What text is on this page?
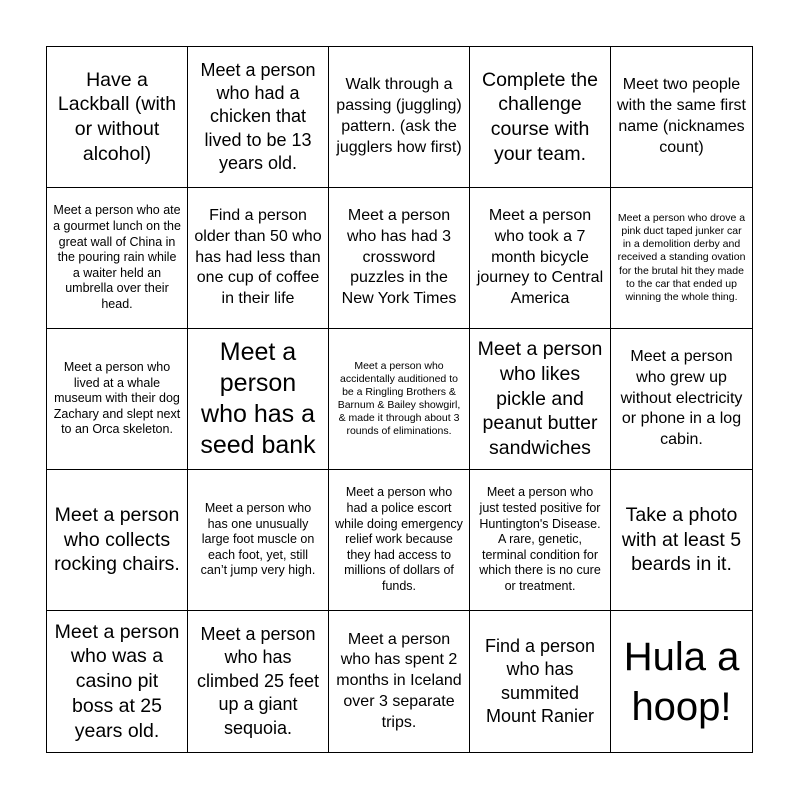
Have a Lackball (with or without alcohol)
Meet a person who had a chicken that lived to be 13 years old.
Walk through a passing (juggling) pattern. (ask the jugglers how first)
Complete the challenge course with your team.
Meet two people with the same first name (nicknames count)
Meet a person who ate a gourmet lunch on the great wall of China in the pouring rain while a waiter held an umbrella over their head.
Find a person older than 50 who has had less than one cup of coffee in their life
Meet a person who has had 3 crossword puzzles in the New York Times
Meet a person who took a 7 month bicycle journey to Central America
Meet a person who drove a pink duct taped junker car in a demolition derby and received a standing ovation for the brutal hit they made to the car that ended up winning the whole thing.
Meet a person who lived at a whale museum with their dog Zachary and slept next to an Orca skeleton.
Meet a person who has a seed bank
Meet a person who accidentally auditioned to be a Ringling Brothers & Barnum & Bailey showgirl, & made it through about 3 rounds of eliminations.
Meet a person who likes pickle and peanut butter sandwiches
Meet a person who grew up without electricity or phone in a log cabin.
Meet a person who collects rocking chairs.
Meet a person who has one unusually large foot muscle on each foot, yet, still can’t jump very high.
Meet a person who had a police escort while doing emergency relief work because they had access to millions of dollars of funds.
Meet a person who just tested positive for Huntington's Disease. A rare, genetic, terminal condition for which there is no cure or treatment.
Take a photo with at least 5 beards in it.
Meet a person who was a casino pit boss at 25 years old.
Meet a person who has climbed 25 feet up a giant sequoia.
Meet a person who has spent 2 months in Iceland over 3 separate trips.
Find a person who has summited Mount Ranier
Hula a hoop!
